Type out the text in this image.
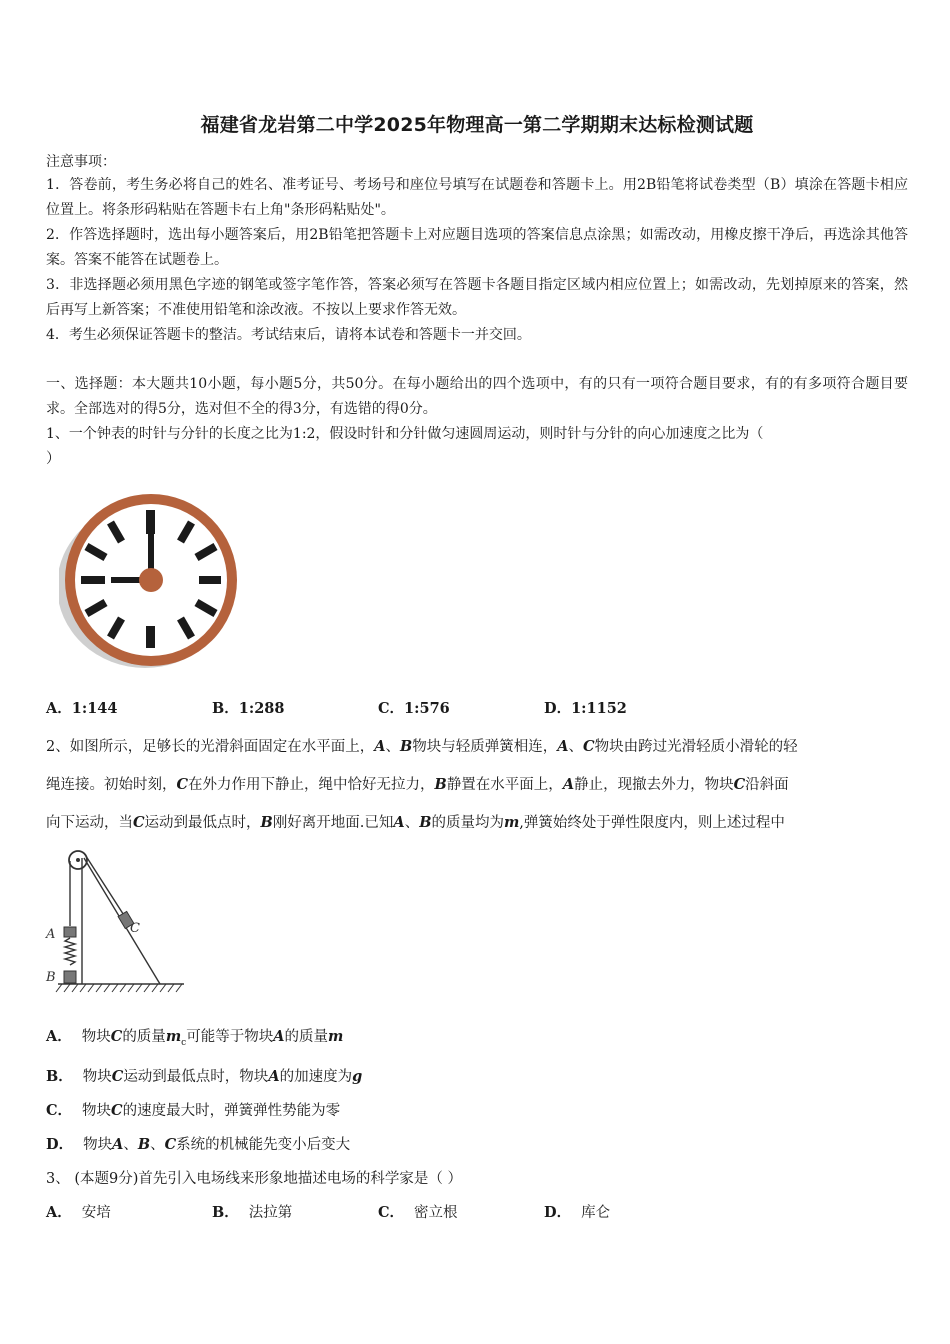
福建省龙岩第二中学2025年物理高一第二学期期末达标检测试题
注意事项：

1．答卷前，考生务必将自己的姓名、准考证号、考场号和座位号填写在试题卷和答题卡上。用2B铅笔将试卷类型（B）填涂在答题卡相应位置上。将条形码粘贴在答题卡右上角"条形码粘贴处"。

2．作答选择题时，选出每小题答案后，用2B铅笔把答题卡上对应题目选项的答案信息点涂黑；如需改动，用橡皮擦干净后，再选涂其他答案。答案不能答在试题卷上。

3．非选择题必须用黑色字迹的钢笔或签字笔作答，答案必须写在答题卡各题目指定区域内相应位置上；如需改动，先划掉原来的答案，然后再写上新答案；不准使用铅笔和涂改液。不按以上要求作答无效。

4．考生必须保证答题卡的整洁。考试结束后，请将本试卷和答题卡一并交回。

一、选择题：本大题共10小题，每小题5分，共50分。在每小题给出的四个选项中，有的只有一项符合题目要求，有的有多项符合题目要求。全部选对的得5分，选对但不全的得3分，有选错的得0分。

1、一个钟表的时针与分针的长度之比为1:2，假设时针和分针做匀速圆周运动，则时针与分针的向心加速度之比为（

）

A．1:144	B．1:288	C．1:576	D．1:1152

2、如图所示，足够长的光滑斜面固定在水平面上，A、B物块与轻质弹簧相连，A、C物块由跨过光滑轻质小滑轮的轻

绳连接。初始时刻，C在外力作用下静止，绳中恰好无拉力，B静置在水平面上，A静止，现撤去外力，物块C沿斜面

向下运动，当C运动到最低点时，B刚好离开地面.已知A、B的质量均为m,弹簧始终处于弹性限度内，则上述过程中

A． 物块C的质量$m_c$可能等于物块A的质量m

B． 物块C运动到最低点时，物块A的加速度为g

C． 物块C的速度最大时，弹簧弹性势能为零

D． 物块A、B、C系统的机械能先变小后变大

3、 (本题9分)首先引入电场线来形象地描述电场的科学家是（ ）

A． 安培	B． 法拉第	C． 密立根	D． 库仑
A
B
C
